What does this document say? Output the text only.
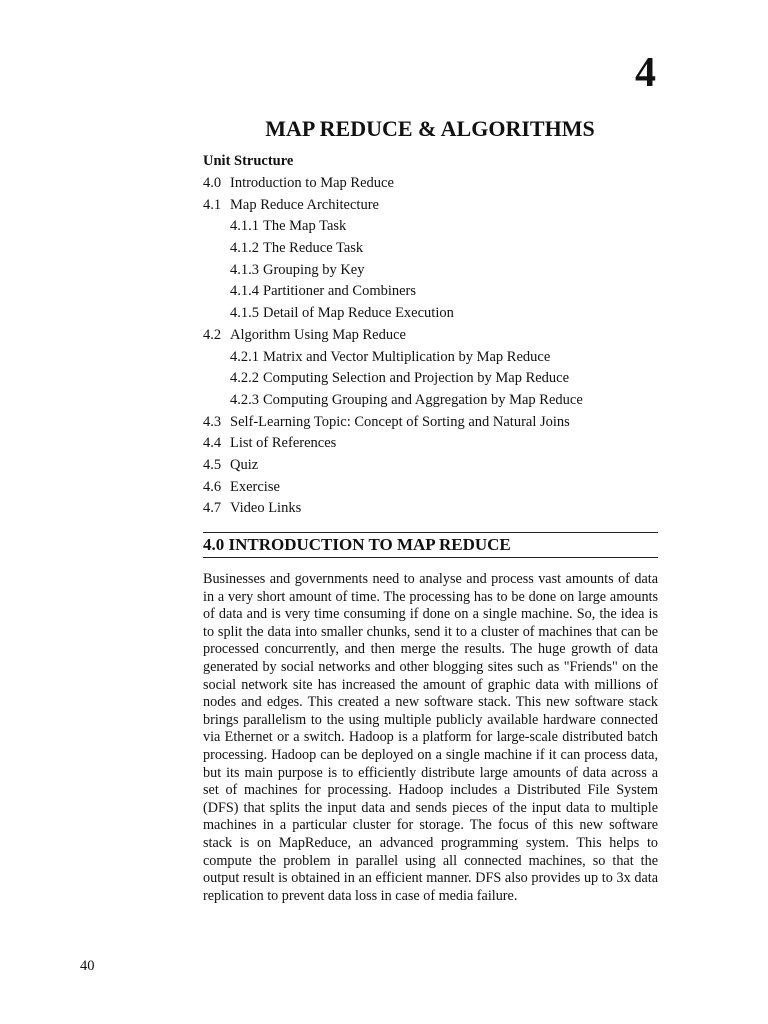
4
MAP REDUCE & ALGORITHMS
Unit Structure
4.0 Introduction to Map Reduce
4.1 Map Reduce Architecture
4.1.1 The Map Task
4.1.2 The Reduce Task
4.1.3 Grouping by Key
4.1.4 Partitioner and Combiners
4.1.5 Detail of Map Reduce Execution
4.2 Algorithm Using Map Reduce
4.2.1 Matrix and Vector Multiplication by Map Reduce
4.2.2 Computing Selection and Projection by Map Reduce
4.2.3 Computing Grouping and Aggregation by Map Reduce
4.3 Self-Learning Topic: Concept of Sorting and Natural Joins
4.4 List of References
4.5 Quiz
4.6 Exercise
4.7 Video Links
4.0 INTRODUCTION TO MAP REDUCE

Businesses and governments need to analyse and process vast amounts of data in a very short amount of time. The processing has to be done on large amounts of data and is very time consuming if done on a single machine. So, the idea is to split the data into smaller chunks, send it to a cluster of machines that can be processed concurrently, and then merge the results. The huge growth of data generated by social networks and other blogging sites such as "Friends" on the social network site has increased the amount of graphic data with millions of nodes and edges. This created a new software stack. This new software stack brings parallelism to the using multiple publicly available hardware connected via Ethernet or a switch. Hadoop is a platform for large-scale distributed batch processing. Hadoop can be deployed on a single machine if it can process data, but its main purpose is to efficiently distribute large amounts of data across a set of machines for processing. Hadoop includes a Distributed File System (DFS) that splits the input data and sends pieces of the input data to multiple machines in a particular cluster for storage. The focus of this new software stack is on MapReduce, an advanced programming system. This helps to compute the problem in parallel using all connected machines, so that the output result is obtained in an efficient manner. DFS also provides up to 3x data replication to prevent data loss in case of media failure.

40
